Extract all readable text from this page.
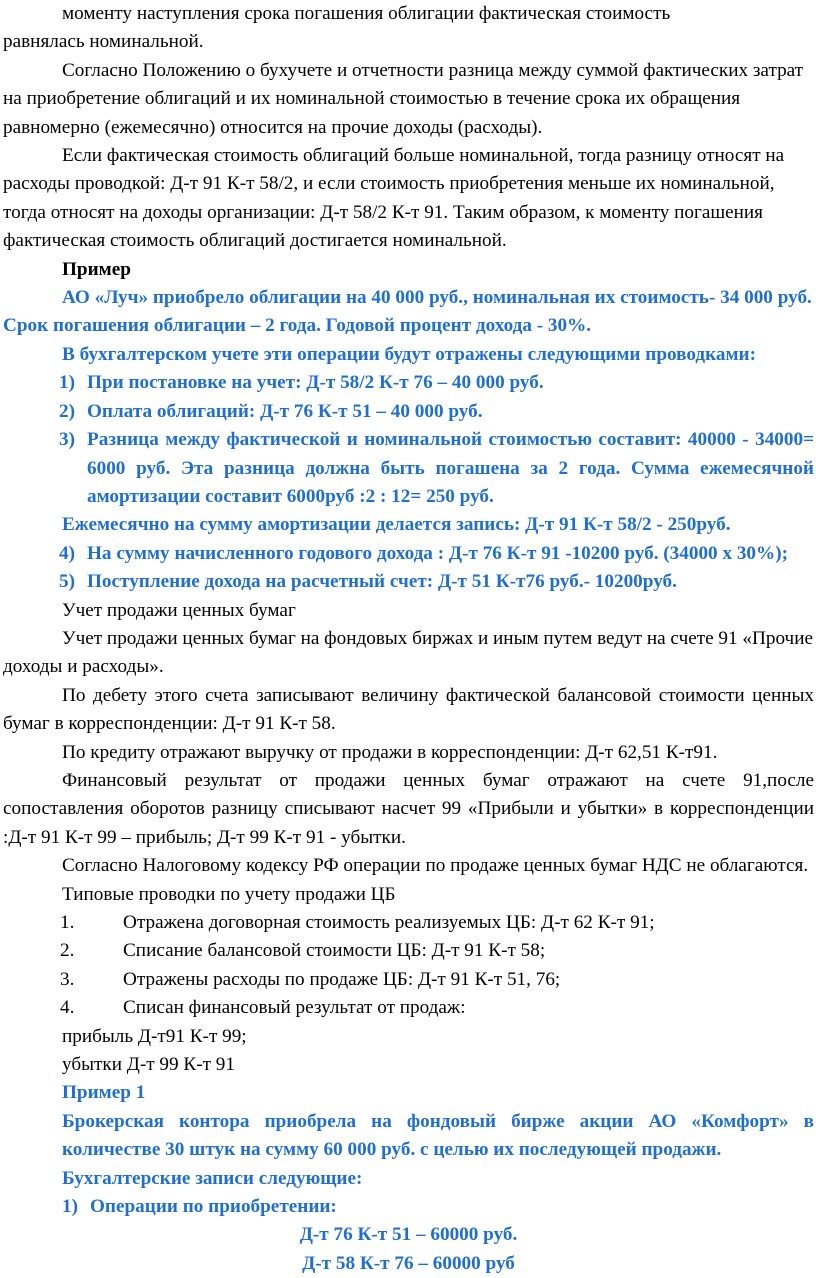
моменту наступления срока погашения облигации фактическая стоимость

равнялась номинальной.

Согласно Положению о бухучете и отчетности разница между суммой фактических затрат на приобретение облигаций и их номинальной стоимостью в течение срока их обращения равномерно (ежемесячно) относится на прочие доходы (расходы).

Если фактическая стоимость облигаций больше номинальной, тогда разницу относят на расходы проводкой: Д-т 91 К-т 58/2, и если стоимость приобретения меньше их номинальной, тогда относят на доходы организации: Д-т 58/2 К-т 91. Таким образом, к моменту погашения фактическая стоимость облигаций достигается номинальной.

Пример

АО «Луч» приобрело облигации на 40 000 руб., номинальная их стоимость- 34 000 руб. Срок погашения облигации – 2 года. Годовой процент дохода - 30%.

В бухгалтерском учете эти операции будут отражены следующими проводками:

1) При постановке на учет: Д-т 58/2 К-т 76 – 40 000 руб.
2) Оплата облигаций: Д-т 76 К-т 51 – 40 000 руб.
3) Разница между фактической и номинальной стоимостью составит: 40000 - 34000= 6000 руб. Эта разница должна быть погашена за 2 года. Сумма ежемесячной амортизации составит 6000руб :2 : 12= 250 руб.

Ежемесячно на сумму амортизации делается запись: Д-т 91 К-т 58/2 - 250руб.

4) На сумму начисленного годового дохода : Д-т 76 К-т 91 -10200 руб. (34000 х 30%);
5) Поступление дохода на расчетный счет: Д-т 51 К-т76 руб.- 10200руб.

Учет продажи ценных бумаг

Учет продажи ценных бумаг на фондовых биржах и иным путем ведут на счете 91 «Прочие доходы и расходы».

По дебету этого счета записывают величину фактической балансовой стоимости ценных бумаг в корреспонденции: Д-т 91 К-т 58.

По кредиту отражают выручку от продажи в корреспонденции: Д-т 62,51 К-т91.

Финансовый результат от продажи ценных бумаг отражают на счете 91,после сопоставления оборотов разницу списывают насчет 99 «Прибыли и убытки» в корреспонденции :Д-т 91 К-т 99 – прибыль; Д-т 99 К-т 91 - убытки.

Согласно Налоговому кодексу РФ операции по продаже ценных бумаг НДС не облагаются.

Типовые проводки по учету продажи ЦБ

1.	Отражена договорная стоимость реализуемых ЦБ: Д-т 62 К-т 91;
2.	Списание балансовой стоимости ЦБ: Д-т 91 К-т 58;
3.	Отражены расходы по продаже ЦБ: Д-т 91 К-т 51, 76;
4.	Списан финансовый результат от продаж:

прибыль Д-т91 К-т 99;

убытки Д-т 99 К-т 91

Пример 1

Брокерская контора приобрела на фондовый бирже акции АО «Комфорт» в количестве 30 штук на сумму 60 000 руб. с целью их последующей продажи.

Бухгалтерские записи следующие:

1) Операции по приобретении:

Д-т 76 К-т 51 – 60000 руб.

Д-т 58 К-т 76 – 60000 руб
